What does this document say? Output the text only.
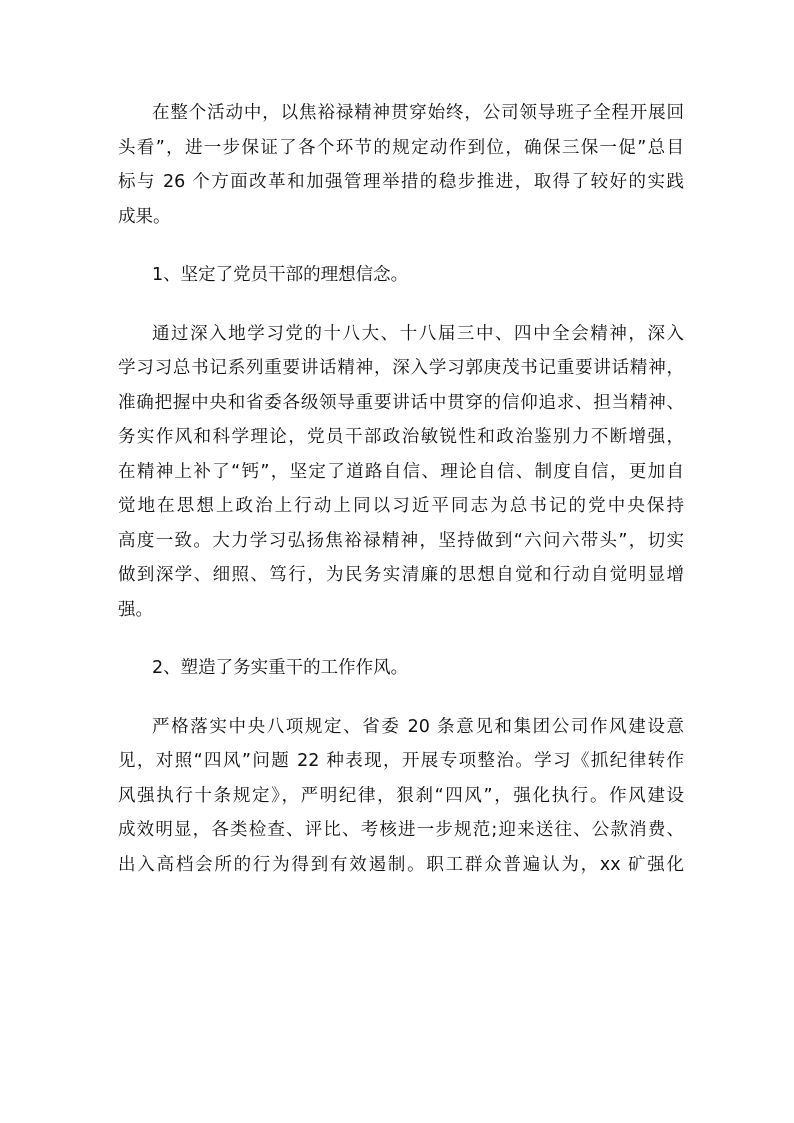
在整个活动中，以焦裕禄精神贯穿始终，公司领导班子全程开展回
头看”，进一步保证了各个环节的规定动作到位，确保三保一促”总目
标与 26 个方面改革和加强管理举措的稳步推进，取得了较好的实践
成果。
1、坚定了党员干部的理想信念。
通过深入地学习党的十八大、十八届三中、四中全会精神，深入
学习习总书记系列重要讲话精神，深入学习郭庚茂书记重要讲话精神，
准确把握中央和省委各级领导重要讲话中贯穿的信仰追求、担当精神、
务实作风和科学理论，党员干部政治敏锐性和政治鉴别力不断增强，
在精神上补了“钙”，坚定了道路自信、理论自信、制度自信，更加自
觉地在思想上政治上行动上同以习近平同志为总书记的党中央保持
高度一致。大力学习弘扬焦裕禄精神，坚持做到“六问六带头”，切实
做到深学、细照、笃行，为民务实清廉的思想自觉和行动自觉明显增
强。
2、塑造了务实重干的工作作风。
严格落实中央八项规定、省委 20 条意见和集团公司作风建设意
见，对照“四风”问题 22 种表现，开展专项整治。学习《抓纪律转作
风强执行十条规定》，严明纪律，狠刹“四风”，强化执行。作风建设
成效明显，各类检查、评比、考核进一步规范;迎来送往、公款消费、
出入高档会所的行为得到有效遏制。职工群众普遍认为，xx 矿强化
